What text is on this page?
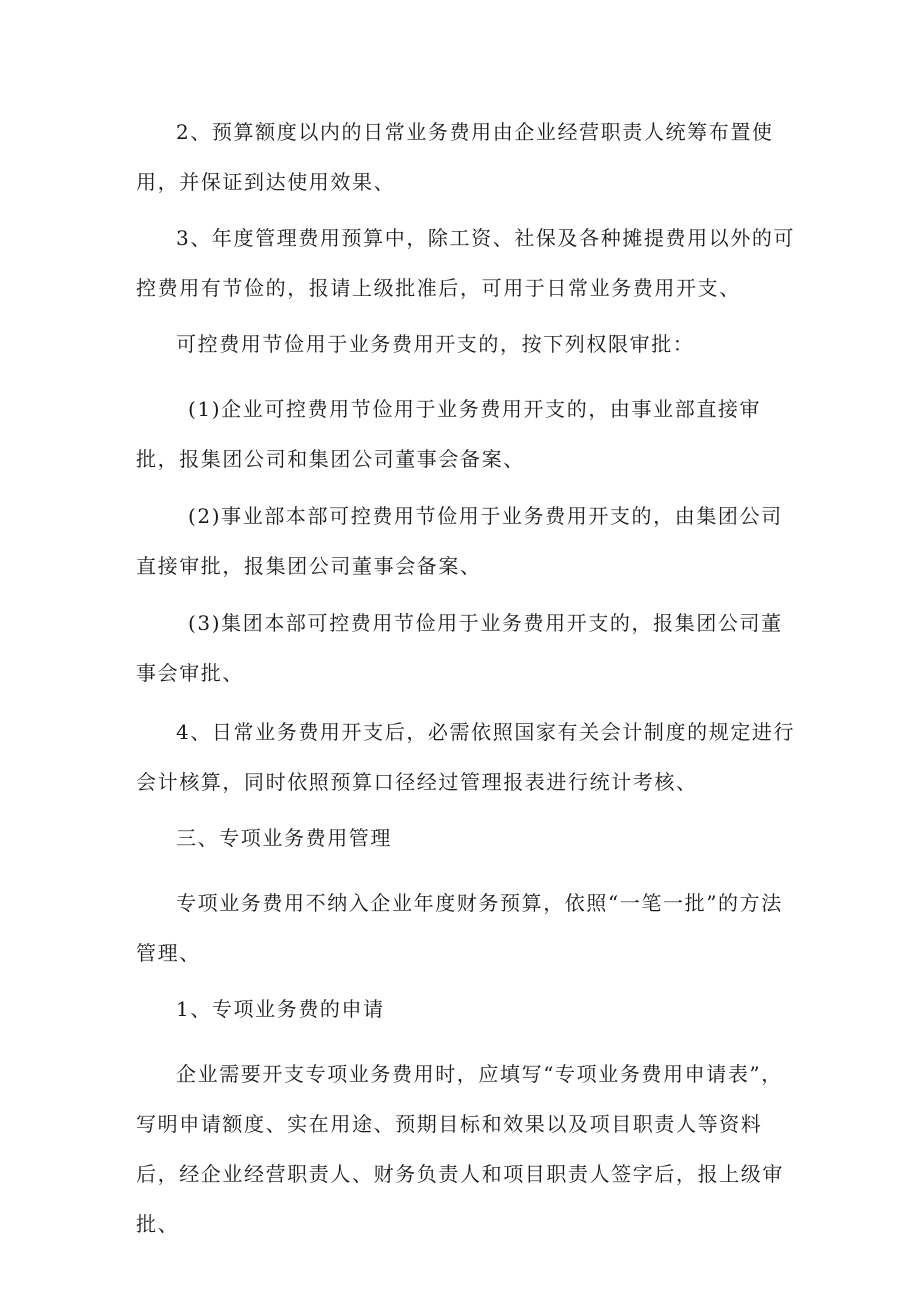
2、预算额度以内的日常业务费用由企业经营职责人统筹布置使用，并保证到达使用效果、

3、年度管理费用预算中，除工资、社保及各种摊提费用以外的可控费用有节俭的，报请上级批准后，可用于日常业务费用开支、

可控费用节俭用于业务费用开支的，按下列权限审批：

(1)企业可控费用节俭用于业务费用开支的，由事业部直接审批，报集团公司和集团公司董事会备案、

(2)事业部本部可控费用节俭用于业务费用开支的，由集团公司直接审批，报集团公司董事会备案、

(3)集团本部可控费用节俭用于业务费用开支的，报集团公司董事会审批、

4、日常业务费用开支后，必需依照国家有关会计制度的规定进行会计核算，同时依照预算口径经过管理报表进行统计考核、

三、专项业务费用管理

专项业务费用不纳入企业年度财务预算，依照“一笔一批”的方法管理、

1、专项业务费的申请

企业需要开支专项业务费用时，应填写“专项业务费用申请表”，写明申请额度、实在用途、预期目标和效果以及项目职责人等资料后，经企业经营职责人、财务负责人和项目职责人签字后，报上级审批、
